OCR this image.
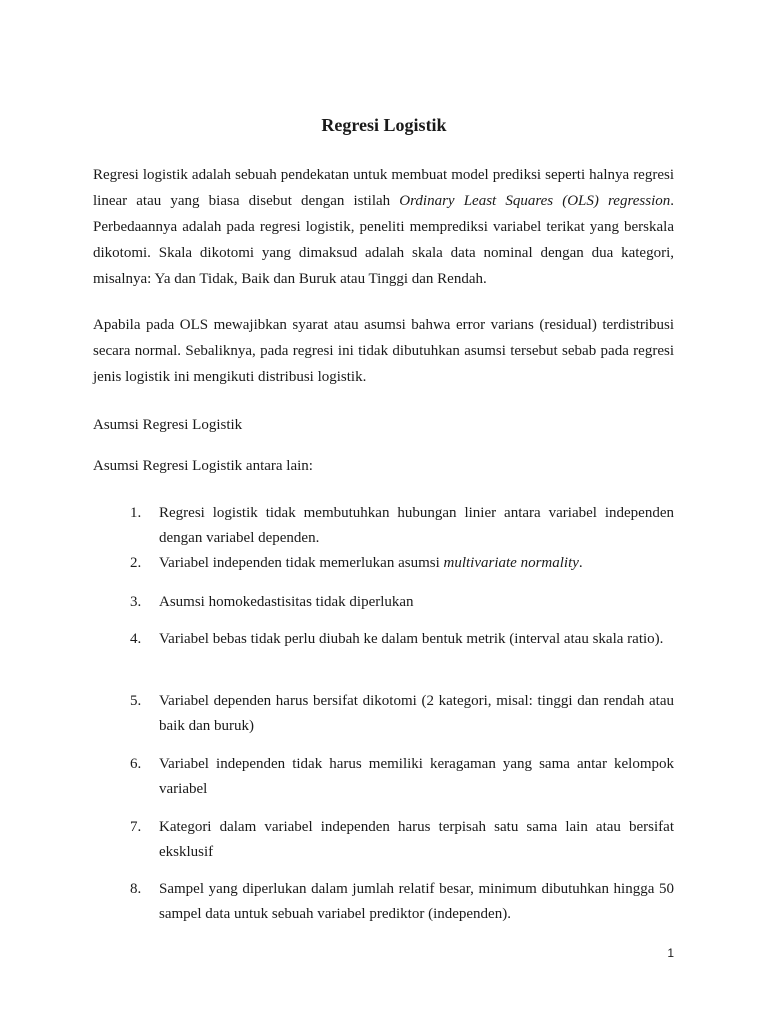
Regresi Logistik

Regresi logistik adalah sebuah pendekatan untuk membuat model prediksi seperti halnya regresi linear atau yang biasa disebut dengan istilah Ordinary Least Squares (OLS) regression. Perbedaannya adalah pada regresi logistik, peneliti memprediksi variabel terikat yang berskala dikotomi. Skala dikotomi yang dimaksud adalah skala data nominal dengan dua kategori, misalnya: Ya dan Tidak, Baik dan Buruk atau Tinggi dan Rendah.

Apabila pada OLS mewajibkan syarat atau asumsi bahwa error varians (residual) terdistribusi secara normal. Sebaliknya, pada regresi ini tidak dibutuhkan asumsi tersebut sebab pada regresi jenis logistik ini mengikuti distribusi logistik.

Asumsi Regresi Logistik

Asumsi Regresi Logistik antara lain:

1.	Regresi logistik tidak membutuhkan hubungan linier antara variabel independen dengan variabel dependen.
2.	Variabel independen tidak memerlukan asumsi multivariate normality.
3.	Asumsi homokedastisitas tidak diperlukan
4.	Variabel bebas tidak perlu diubah ke dalam bentuk metrik (interval atau skala ratio).
5.	Variabel dependen harus bersifat dikotomi (2 kategori, misal: tinggi dan rendah atau baik dan buruk)
6.	Variabel independen tidak harus memiliki keragaman yang sama antar kelompok variabel
7.	Kategori dalam variabel independen harus terpisah satu sama lain atau bersifat eksklusif
8.	Sampel yang diperlukan dalam jumlah relatif besar, minimum dibutuhkan hingga 50 sampel data untuk sebuah variabel prediktor (independen).

1
